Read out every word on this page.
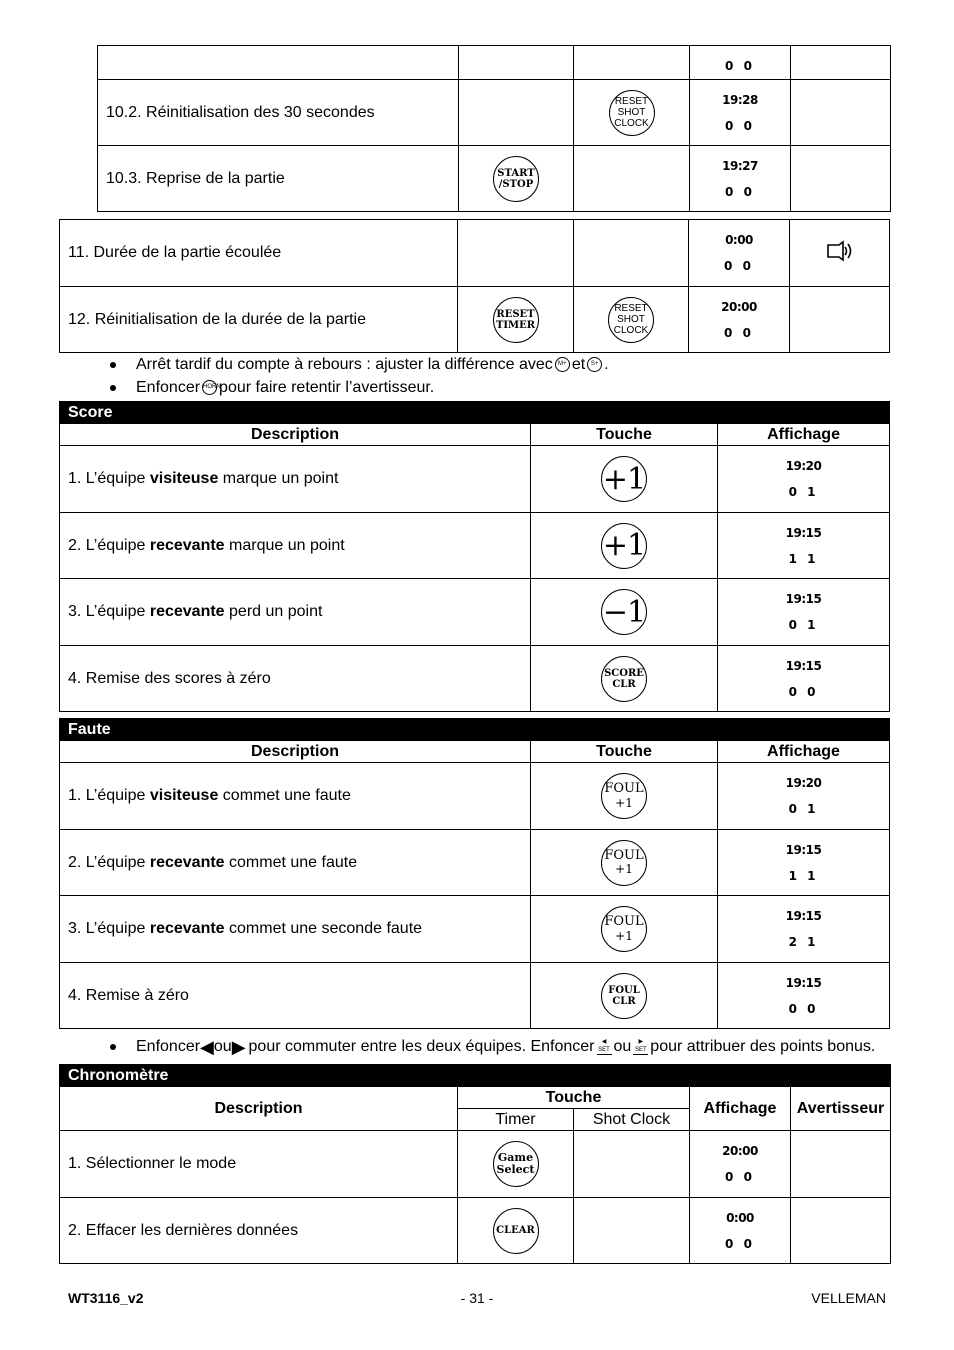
			0 0	

10.2. Réinitialisation des 30 secondes		RESET
SHOT
CLOCK	19:28
0 0	

10.3. Reprise de la partie	START
/STOP		19:27
0 0	

11. Durée de la partie écoulée			0:00
0 0

12. Réinitialisation de la durée de la partie	RESET
TIMER	RESET
SHOT
CLOCK	20:00
0 0	

Arrêt tardif du compte à rebours : ajuster la différence avec M+ et S+ .
Enfoncer HORN
pour faire retentir l’avertisseur.
Score		
Description	Touche	Affichage
1. L’équipe visiteuse marque un point	+1	19:20
0 1

2. L’équipe recevante marque un point	+1	19:15
1 1

3. L’équipe recevante perd un point	−1	19:15
0 1

4. Remise des scores à zéro	SCORE
CLR	19:15
0 0
Faute		
Description	Touche	Affichage
1. L’équipe visiteuse commet une faute	FOUL
+1	19:20
0 1

2. L’équipe recevante commet une faute	FOUL
+1	19:15
1 1

3. L’équipe recevante commet une seconde faute	FOUL
+1	19:15
2 1

4. Remise à zéro	FOUL
CLR	19:15
0 0
Enfoncer ◀ ou ▶ pour commuter entre les deux équipes. Enfoncer	◀
SET ou	▶
SET pour attribuer des points bonus.
Chronomètre				
Description	Touche		Affichage	Avertisseur
	Timer	Shot Clock		
1. Sélectionner le mode	Game
Select		20:00
0 0	

2. Effacer les dernières données	CLEAR		0:00
0 0	

WT3116_v2	- 31 -	VELLEMAN
